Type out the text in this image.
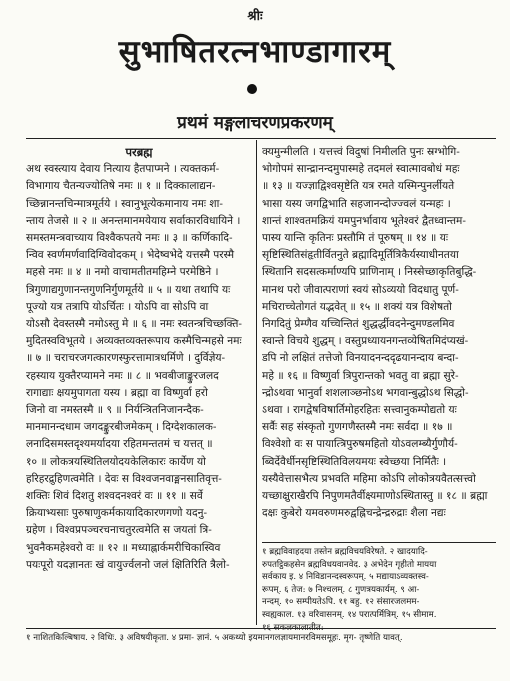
श्रीः
सुभाषितरत्नभाण्डागारम्
प्रथमं मङ्गलाचरणप्रकरणम्
परब्रह्म
अथ स्वस्त्याय देवाय नित्याय हैतपाप्मने । त्यक्तकर्म-
विभागाय चैतन्यज्योतिषे नमः ॥ १ ॥ दिक्कालाद्यन-
च्छिन्नानन्तचिन्मात्रमूर्तये । स्वानुभूत्येकमानाय नमः शा-
न्ताय तेजसे ॥ २ ॥ अनन्तमानमयेयाय सर्वाकारविधायिने ।
समस्तमन्त्रवाच्याय विश्वैकपतये नमः ॥ ३ ॥ कर्णिकादि-
न्विव स्वर्णमर्णवादिग्विवोदकम् । भेदेष्वभेदे यत्तस्मै परस्मै
महसे नमः ॥ ४ ॥ नमो वाचामतीतमहिम्ने परमेष्ठिने ।
त्रिगुणाद्यगुणानन्तगुणनिर्गुणमूर्तये ॥ ५ ॥ यथा तथापि यः
पूज्यो यत्र तत्रापि योऽर्चितः । योऽपि वा सोऽपि वा
योऽसौ देवस्तस्मै नमोऽस्तु मे ॥ ६ ॥ नमः स्वतन्त्रचिच्छक्ति-
मुदितस्वविभूतये । अव्यक्तव्यक्तरूपाय कस्मैचिन्महसे नमः
॥ ७ ॥ चराचरजगत्कारणस्फुरत्तामात्रधर्मिणे । दुर्विज्ञेय-
रहस्याय युक्तैरप्यामने नमः ॥ ८ ॥ भवबीजाङ्कुरजलद
रागाद्याः क्षयमुपागता यस्य । ब्रह्मा वा विष्णुर्वा हरो
जिनो वा नमस्तस्मै ॥ ९ ॥ निर्यन्त्रितनिजानन्दैक-
मानमानन्दधाम जगदङ्कुरबीजमेकम् । दिग्देशकालक-
लनादिसमस्तदृश्यमर्यादया रहितमन्ततमं च यत्तत् ॥
१० ॥ लोकत्रयस्थितिलयोदयकेलिकारः कार्येण यो
हरिहरद्रुहिणत्वमेति । देवः स विश्वजनवाङ्मनसातिवृत्त-
शक्तिः शिवं दिशतु शश्वदनश्वरं वः ॥ ११ ॥ सर्वे
क्रियाभ्यसाः पुरुषाणुकर्मकायादिकारणगणो यदनु-
ग्रहेण । विश्वप्रपञ्चरचनाचतुरत्वमेति स जयतां त्रि-
भुवनैकमहेश्वरो वः ॥ १२ ॥ मध्याह्नार्कमरीचिकास्विव
पयःपूरो यदज्ञानतः खं वायुर्ज्वलनो जलं क्षितिरिति त्रैलो-
क्यमुन्मीलति । यत्तत्त्वं विदुषां निमीलति पुनः स्रग्भोगि-
भोगोपमं सान्द्रानन्दमुपास्महे तदमलं स्वात्मावबोधं महः
॥ १३ ॥ यज्ज्ञाद्विश्वसृष्टेति यत्र रमते यस्मिन्पुनर्लीयते
भासा यस्य जगद्विभाति सहजानन्दोज्ज्वलं यन्महः ।
शान्तं शाश्वतमक्रियं यमपुनर्भावाय भूतेश्वरं द्वैतध्वान्तम-
पास्य यान्ति कृतिनः प्रस्तौमि तं पूरुषम् ॥ १४ ॥ यः
सृष्टिस्थितिसंहृतीर्वितनुते ब्रह्मादिमूर्तित्रिकैर्यस्याधीनतया
स्थितानि सदसत्कर्माण्यपि प्राणिनाम् । निस्सेच्छाकृतिबुद्धि-
मानथ परो जीवात्पराणां स्वयं सोऽव्ययो विदधातु पूर्ण-
मचिराच्चेतोगतं यद्भवेत् ॥ १५ ॥ शक्यं यत्र विशेषतो
निगदितुं प्रेम्णैव यच्चिन्तितं शुद्धर्द्धीवदनेन्दुमण्डलमिव
स्वान्ते विचये शुद्धम् । वस्तुप्रध्यायनगन्तव्येषितमिदंप्यखं-
डपि नो लक्षितं तत्तेजो विनयादनन्ददृढयानन्दाय बन्दा-
महे ॥ १६ ॥ विष्णुर्वा त्रिपुरान्तको भवतु वा ब्रह्मा सुरे-
न्द्रोऽथवा भानुर्वा शशलाञ्छनोऽथ भगवान्बुद्धोऽथ सिद्धो-
ऽथवा । रागद्वेषविषार्तिमोहरहितः सत्त्वानुकम्पोद्यतो यः
सर्वैः सह संस्कृतो गुणगणैस्तस्मै नमः सर्वदा ॥ १७ ॥
विश्वेशो वः स पायात्त्रिपुरुषमहितो योऽवलम्ब्यैर्गुणौर्य-
ब्विर्देवैर्धीनसृष्टिस्थितिविलयमयः स्वेच्छया निर्मितैः ।
यस्यैवेत्तासभैत्य प्रभवति महिमा कोऽपि लोकोत्रयवैतत्सत्त्वो
यच्छाक्षुराखैरपि निपुणमतैर्वीक्ष्यमाणोऽस्थितास्तु ॥ १८ ॥ ब्रह्मा
दक्षः कुबेरो यमवरुणमरुद्वह्निचन्द्रेन्द्ररुद्राः शैला नद्यः
१ ब्रह्मविवाहदया तस्तेन ब्रह्मविचयविरेषते. २ खादयादि-
रुपतट्ठिकहसेन ब्रह्मविधयवानवेद. ३ अभेदेन गृहीतो मायया
सर्वकाय इ. ४ निविडानन्दस्वरूपम्. ५ मद्यायाऽव्यक्तस्व-
रूपम्. ६ तेज: ७ निश्चलम्. ८ गुणत्रयकार्यम्. ९ आ-
नन्दम्. १० सम्पीयतेऽपि. ११ बहु. १२ संसारजलमम-
स्वह्यकाल. १३ वरिवासनम्. १४ परात्पर्मित्रिम्. १५ सीमाम.
१६ सकलकालातीत:
१ नाशितकिल्बिषाय. २ विधिः. ३ अविषयीकृता. ४ प्रमा- ज्ञानं. ५ अकथ्यो इयमानगलज्ञायमानरविमसमूहः. मृग- तृष्णेति यावत्.
